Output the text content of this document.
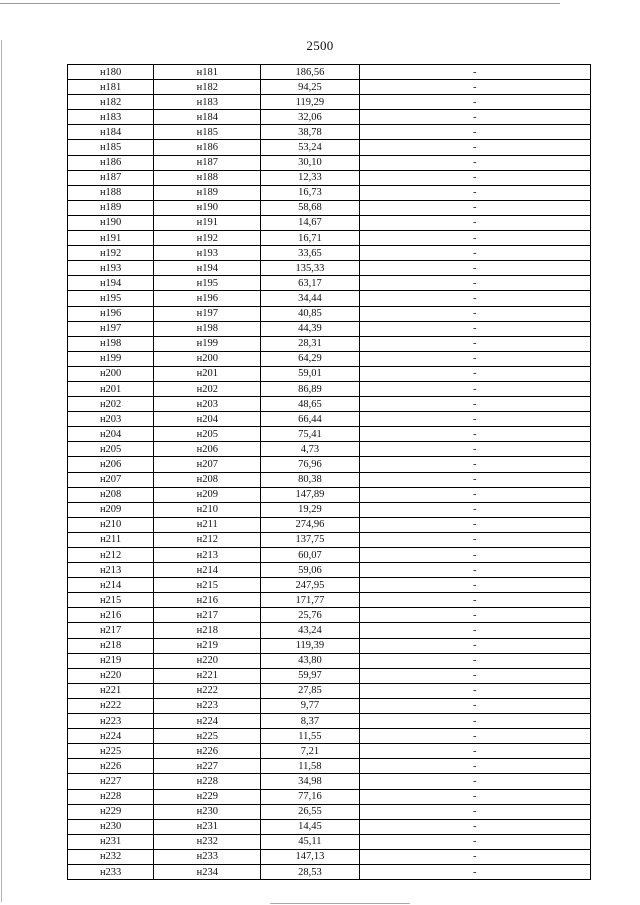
2500
н180	н181	186,56	-
н181	н182	94,25	-
н182	н183	119,29	-
н183	н184	32,06	-
н184	н185	38,78	-
н185	н186	53,24	-
н186	н187	30,10	-
н187	н188	12,33	-
н188	н189	16,73	-
н189	н190	58,68	-
н190	н191	14,67	-
н191	н192	16,71	-
н192	н193	33,65	-
н193	н194	135,33	-
н194	н195	63,17	-
н195	н196	34,44	-
н196	н197	40,85	-
н197	н198	44,39	-
н198	н199	28,31	-
н199	н200	64,29	-
н200	н201	59,01	-
н201	н202	86,89	-
н202	н203	48,65	-
н203	н204	66,44	-
н204	н205	75,41	-
н205	н206	4,73	-
н206	н207	76,96	-
н207	н208	80,38	-
н208	н209	147,89	-
н209	н210	19,29	-
н210	н211	274,96	-
н211	н212	137,75	-
н212	н213	60,07	-
н213	н214	59,06	-
н214	н215	247,95	-
н215	н216	171,77	-
н216	н217	25,76	-
н217	н218	43,24	-
н218	н219	119,39	-
н219	н220	43,80	-
н220	н221	59,97	-
н221	н222	27,85	-
н222	н223	9,77	-
н223	н224	8,37	-
н224	н225	11,55	-
н225	н226	7,21	-
н226	н227	11,58	-
н227	н228	34,98	-
н228	н229	77,16	-
н229	н230	26,55	-
н230	н231	14,45	-
н231	н232	45,11	-
н232	н233	147,13	-
н233	н234	28,53	-
